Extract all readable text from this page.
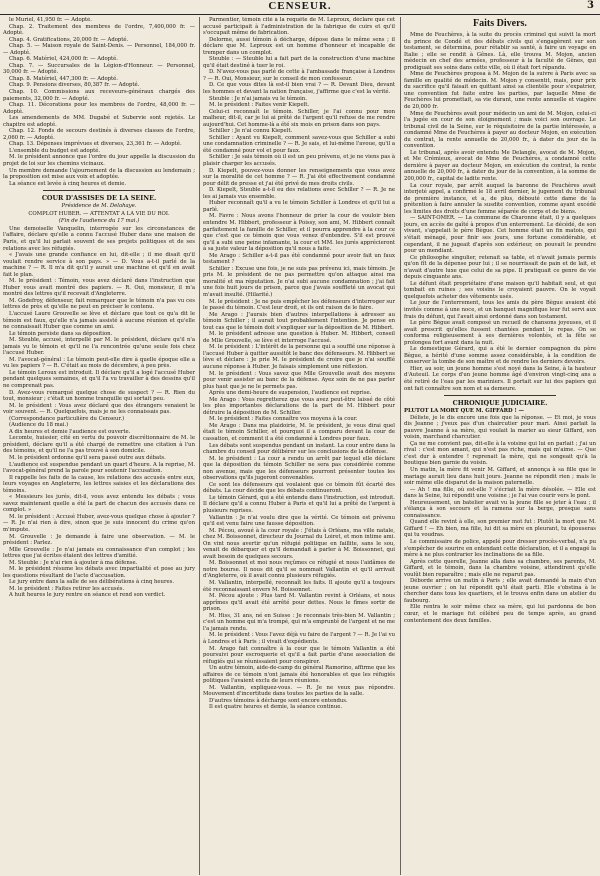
CENSEUR.	3

le Muriel, 41,950 fr. — Adopté.

Chap. 2. Traitement des membres de l'ordre, 7,400,000 fr. — Adopté.

Chap. 4. Gratifications, 20,000 fr. — Adopté.

Chap. 5. — Maison royale de Saint-Denis. — Personnel, 184,000 fr. — Adopté.

Chap. 6. Matériel, 424,000 fr. — Adopté.

Chap. 7. — Succursales de la Légion-d'Honneur. — Personnel, 30,000 fr. — Adopté.

Chap. 8. Matériel, 447,300 fr. — Adopté.

Chap. 9. Pensions diverses, 80,387 fr. — Adopté.

Chap. 10. Commissions aux receveurs-généraux chargés des paiements, 32,000 fr. — Adopté.

Chap. 11. Décorations pour les membres de l'ordre, 48,000 fr. — Adopté.

Les amendements de MM. Dugabé et Subervie sont rejetés. Le chapitre est adopté.

Chap. 12. Fonds de secours destinés à diverses classes de l'ordre, 2,060 fr. — Adopté.

Chap. 13. Dépenses imprévues et diverses, 23,361 fr. — Adopté.

L'ensemble du budget est adopté.

M. le président annonce que l'ordre du jour appelle la discussion du projet de loi sur les chemins vicinaux.

Un membre demande l'ajournement de la discussion au lendemain ; la proposition est mise aux voix et adoptée.

La séance est levée à cinq heures et demie.

COUR D'ASSISES DE LA SEINE.
Présidence de M. Delahaye.
COMPLOT HUBER. — ATTENTAT A LA VIE DU ROI.
(Fin de l'audience du 17 mai.)

Une demoiselle Vanquelin, interrogée sur les circonstances de l'affaire, déclare qu'elle a connu l'accusé Huber dans une maison de Paris, et qu'il lui parlait souvent de ses projets politiques et de ses relations avec les réfugiés.

« J'avais une grande confiance en lui, dit-elle ; il me disait qu'il voulait rendre service à son pays. » — D. Vous a-t-il parlé de la machine ? — R. Il m'a dit qu'il y aurait une machine et qu'il en avait fait le plan.

M. le président : Témoin, vous avez déclaré dans l'instruction que Huber vous avait montré des papiers. — R. Oui, monsieur, il m'a montré des lettres qu'il recevait d'Angleterre.

M. Godefroy, défenseur, fait remarquer que le témoin n'a pas vu ces lettres de près et qu'elle ne peut en préciser le contenu.

L'accusé Laure Grouvelle se lève et déclare que tout ce qu'a dit le témoin est faux, qu'elle n'a jamais assisté à aucune réunion et qu'elle ne connaissait Huber que comme un ami.

Le témoin persiste dans sa déposition.

M. Steuble, accusé, interpellé par M. le président, déclare qu'il n'a jamais vu le témoin et qu'il ne l'a rencontrée qu'une seule fois chez l'accusé Huber.

M. l'avocat-général : Le témoin peut-elle dire à quelle époque elle a vu les papiers ? — R. C'était au mois de décembre, à peu près.

Le témoin Leroux est introduit. Il déclare qu'il a logé l'accusé Huber pendant quelques semaines, et qu'il l'a vu travailler à des dessins qu'il ne comprenait pas.

D. Avez-vous remarqué quelque chose de suspect ? — R. Rien du tout, monsieur ; c'était un homme tranquille qui sortait peu.

M. le président : Vous avez déclaré que des étrangers venaient le voir souvent. — R. Quelquefois, mais je ne les connaissais pas.

(Correspondance particulière du Censeur.)

(Audience du 18 mai.)

A dix heures et demie l'audience est ouverte.

Lecomte, huissier, cité en vertu du pouvoir discrétionnaire de M. le président, déclare qu'il a été chargé de remettre une citation à l'un des témoins, et qu'il ne l'a pas trouvé à son domicile.

M. le président ordonne qu'il sera passé outre aux débats.

L'audience est suspendue pendant un quart d'heure. A la reprise, M. l'avocat-général prend la parole pour soutenir l'accusation.

Il rappelle les faits de la cause, les relations des accusés entre eux, leurs voyages en Angleterre, les lettres saisies et les déclarations des témoins.

« Messieurs les jurés, dit-il, vous avez entendu les débats ; vous savez maintenant quelle a été la part de chacun des accusés dans ce complot. »

M. le président : Accusé Huber, avez-vous quelque chose à ajouter ? — R. Je n'ai rien à dire, sinon que je suis innocent du crime qu'on m'impute.

M. Grouvelle : Je demande à faire une observation. — M. le président : Parlez.

Mlle Grouvelle : Je n'ai jamais eu connaissance d'un complot ; les lettres que j'ai écrites étaient des lettres d'amitié.

M. Steuble : Je n'ai rien à ajouter à ma défense.

M. le président résume les débats avec impartialité et pose au jury les questions résultant de l'acte d'accusation.

Le jury entre dans la salle de ses délibérations à cinq heures.

M. le président : Faites retirer les accusés.

A huit heures le jury rentre en séance et rend son verdict.

Parmentier, témoin cité à la requête de M. Leproux, déclare que cet accusé participait à l'administration de la fabrique de cuirs et qu'il s'occupait même de fabrication.

Delorme, aussi témoin à décharge, dépose dans le même sens ; il déclare que M. Leproux est un homme d'honneur et incapable de tremper dans un complot.

Steuble : — Steuble lui a fait part de la construction d'une machine qu'il était destiné à tuer le roi.

D. N'avez-vous pas parlé de cette à l'ambassade française à Londres ? — R. Oui, Monsieur, sur le conseil de mon confesseur.

D. Ce que vous dites là est-il bien vrai ? — R. Devant Dieu, devant les hommes et devant la nation française, j'affirme que c'est la vérité.

Steuble : Je n'ai jamais vu le témoin.

M. le président : Faites venir Kiepelt.

Celui-ci reconnaît le témoin. Schiller, je l'ai connu pour mon malheur, dit-il, car je lui ai prêté de l'argent qu'il refuse de me rendre aujourd'hui. Cet homme-là a été six mois en prison dans son pays.

Schiller : Je n'ai connu Kiepelt.

Schiller : Ayant vu Kiepelt, comment savez-vous que Schiller a subi une condamnation criminelle ? — R. Je sais, et lui-même l'avoue, qu'il a été condamné pour vol et pour faux.

Schiller : Je sais témoin où il est un peu prévenu, et je ne viens pas à plaisir charger les accusés.

D. Kiepelt, pouvez-vous donner les renseignements que vous avez sur la moralité de cet homme ? — R. J'ai été effectivement condamné pour délit de presse et j'ai été privé de mes droits civils.

D. Kiepelt, Steuble a-t-il eu des relations avec Schiller ? — R. Je ne les ai jamais vus ensemble.

Huber reconnaît qu'il a vu le témoin Schiller à Londres et qu'il lui a parlé.

M. Favre : Nous avons l'honneur de prier la cour de vouloir bien entendre M. Hibbert, professeur à Poissy, son ami, M. Hibbert connaît parfaitement la famille de Schiller, et il pourra apprendre à la cour ce que c'est que ce témoin que vous venez d'entendre. S'il est prouvé qu'il a subi une peine infamante, la cour et MM. les jurés apprécieront à sa juste valeur la déposition qu'il nous a faite.

Me Arago : Schiller a-t-il pas été condamné pour avoir fait un faux testament ?

Schiller : Excuse une fois, je ne suis pas prévenu ici, mais témoin. Je pris M. le président de ne pas permettre qu'on attaque ainsi ma moralité et ma réputation. Je n'ai subi aucune condamnation ; j'ai fait une fois huit jours de prison, parce que j'avais souffleté un avocat qui m'avait insulté. (Hilarité.)

M. le président : Je ne puis empêcher les défenseurs d'interroger sur le passé du témoin. C'est leur droit, et ils ont raison de le faire.

Me Arago : J'aurais bien d'autres interpellations à adresser au témoin Schiller ; il aurait tout probablement l'intention. Je pense en tout cas que le témoin doit s'expliquer sur la déposition de M. Hibbert.

M. le président adresse une question à Huber. M. Hibbert, conseil de Mlle Grouvelle, se lève et interroge l'accusé.

M. le président : L'intérêt de la personne qui a soufflé une réponse à l'accusé Huber à quitter aussitôt le banc des défenseurs. M. Hibbert se lève et déclare : Je prie M. le président de croire que je n'ai soufflé aucune réponse à Huber. Je faisais simplement une réflexion.

M. le président : Vous savez que Mlle Grouvelle avait des moyens pour venir assister au banc de la défense. Ayez soin de ne pas parler plus haut que je ne le permets pas.

Après une demi-heure de suspension, l'audience est reprise.

Me Arago : Vous regretterez que vous avez peut-être laissé de côté les plus importantes déclarations de la part de M. Hibbert pour détruire la déposition de M. Schiller.

M. le président : Faites connaître vos moyens à la cour.

Me Arago : Dans ma plaidoirie, M. le président, je vous dirai quel était le témoin Schiller, et pourquoi il a comparu devant la cour de cassation, et comment il a été condamné à Londres pour faux.

Les débats sont suspendus pendant un instant. La cour entre dans la chambre du conseil pour délibérer sur les conclusions de la défense.

M. le président : La cour a rendu un arrêt par lequel elle déclare que la déposition du témoin Schiller ne sera pas considérée comme non avenue, mais que les défenseurs pourront présenter toutes les observations qu'ils jugeront convenables.

Ce sont les défenseurs qui voulaient que ce témoin fût écarté des débats. La cour décide que les débats continueront.

Le témoin Gérard, qui a été entendu dans l'instruction, est introduit. Il déclare qu'il a connu Huber à Paris et qu'il lui a prêté de l'argent à plusieurs reprises.

Vallantin : Je n'ai voulu dire que la vérité. Ce témoin est prévenu qu'il est venu faire une fausse déposition.

M. Pécou, avoué à la cour royale : J'étais à Orléans, ma ville natale, chez M. Boissonnet, directeur du Journal du Loiret, et mon intime ami. On vint nous avertir qu'un réfugié politique en faillite, sans le sou, venait de débarquer et qu'il demandait à parler à M. Boissonnet, qui avait besoin de quelques secours.

M. Boissonnet et moi nous reçûmes ce réfugié et nous l'aidâmes de notre bourse. Il nous dit qu'il se nommait Vallantin et qu'il arrivait d'Angleterre, où il avait connu plusieurs réfugiés.

M. Vallantin, interpellé, reconnaît les faits. Il ajoute qu'il a toujours été reconnaissant envers M. Boissonnet.

M. Pécou ajoute : Plus tard M. Vallantin revint à Orléans, et nous apprîmes qu'il avait été arrêté pour dettes. Nous le fîmes sortir de prison.

M. Hiss, 31 ans, né en Suisse : Je reconnais très-bien M. Vallantin ; c'est un homme qui m'a trompé, qui m'a emprunté de l'argent et ne me l'a jamais rendu.

M. le président : Vous l'avez déjà vu faire de l'argent ? — R. Je l'ai vu à Londres et à Paris ; il vivait d'expédients.

M. Arago fait connaître à la cour que le témoin Vallantin a été poursuivi pour escroquerie et qu'il a fait partie d'une association de réfugiés qui se réunissaient pour conspirer.

Un autre témoin, aide-de-camp du général Ramorino, affirme que les affaires de ce témoin n'ont jamais été honorables et que les réfugiés politiques l'avaient exclu de leurs réunions.

M. Vallantin, expliquez-vous. — R. Je ne veux pas répondre. Mouvement d'incertitude dans toutes les parties de la salle.

D'autres témoins à décharge sont encore entendus.

Il est quatre heures et demie, la séance continue.

Faits Divers.

Mme de Feuchères, à la suite du procès criminel qui suivit la mort du prince de Condé et des débats civils qui s'engagèrent sur son testament, se détermina, pour rétablir sa santé, à faire un voyage en Italie ; elle se rendit à Gênes. Là, elle trouva M. Mojon, ancien médecin en chef des armées, professeur à la faculté de Gênes, qui prodiguait ses soins dans cette ville, où il était fort répandu.

Mme de Feuchères proposa à M. Mojon de la suivre à Paris avec sa famille en qualité de médecin. M. Mojon y consentit, mais, pour prix du sacrifice qu'il faisait en quittant ainsi sa clientèle pour s'expatrier, une convention fut faite entre les parties, par laquelle Mme de Feuchères lui promettait, sa vie durant, une rente annuelle et viagère de 20,000 fr.

Mme de Feuchères avait pour médecin un ami de M. Mojon, celui-ci l'a jugée en cour de son éloignement ; mais voici son ouvrage. Le tribunal civil de la Seine, sur le réquisitoire de la partie intéressée, a condamné Mme de Feuchères à payer au docteur Mojon, en exécution du contrat, la rente annuelle de 20,000 fr., à dater du jour de la convention.

Le tribunal, après avoir entendu Me Delangle, avocat de M. Mojon, et Me Crémieux, avocat de Mme de Feuchères, a condamné cette dernière à payer au docteur Mojon, en exécution du contrat, la rente annuelle de 20,000 fr., à dater du jour de la convention, à la somme de 200,000 fr., capital de ladite rente.

La cour royale, par arrêt auquel la baronne de Feuchères avait interjeté appel, a confirmé le 18 avril dernier, le jugement du tribunal de première instance, et a, de plus, débouté cette dame de la prétention à faire annuler la susdite convention, comme ayant excédé les limites des droits d'une femme séparée de corps et de biens.

— SAINT-OMER. — La commune de Charonne était, il y a quelques jours, en accès de gaîté à propos d'un enterrement. Le décédé, de son vivant, s'appelait le père Bègue. Cet homme était un fin matois, qui s'était ménagé, pour finir ses jours, une fortune considérable, et cependant, il ne jugeait d'après son extérieur, on pouvait le prendre pour un mendiant.

Ce philosophe singulier, retenait sa table, et n'avait jamais permis qu'on fît de la dépense pour lui ; il se nourrissait de pain et de lait, et n'avait d'autre luxe que celui de sa pipe. Il pratiquait ce genre de vie depuis cinquante ans.

Le défunt était propriétaire d'une maison qu'il habitait seul, et qui tombait en ruines ; ses voisins le croyaient pauvre. On le voyait quelquefois acheter des vêtements usés.

Le jour de l'enterrement, tous les amis du père Bègue avaient été invités comme à une noce, et un banquet magnifique leur fut servi aux frais du défunt, qui l'avait ainsi ordonné dans son testament.

Le père Bègue avait composé un recueil de chansons joyeuses, et il avait prescrit qu'elles fussent chantées pendant le repas. On se conforma religieusement à ses dernières volontés, et la fête se prolongea fort avant dans la nuit.

Le domestique Gérard, qui a été le dernier compagnon du père Bègue, a hérité d'une somme assez considérable, à la condition de conserver la tombe de son maître et de rendre les derniers devoirs.

Hier, au soir, un jeune homme s'est noyé dans la Seine, à la hauteur d'Auteuil. Le corps d'un jeune homme âgé d'environ vingt-cinq ans a été retiré de l'eau par les mariniers. Il portait sur lui des papiers qui ont fait connaître son nom et sa demeure.

CHRONIQUE JUDICIAIRE.

PLUTOT LA MORT QUE M. GIFFARD ! —

Déliste, je le dis encore une fois que la réponse. — Et moi, je vous dis Jeanne ; j'veux pas d'un chaircutier pour mari. Ainsi parlait la pauvre Jeanne à sa mère, qui voulait la marier au sieur Giffard, son voisin, marchand charcutier.

Ça ne me convient pas, dit-elle à la voisine qui lui en parlait ; j'ai un rival : c'est mon amant, qui n'est pas riche, mais qui m'aime. — Que c'est dur à entendre ! reprenait la mère, qui ne songeait qu'à la boutique bien garnie du voisin.

Un matin, la mère fit venir M. Giffard, et annonça à sa fille que le mariage aurait lieu dans huit jours. Jeanne ne répondit rien ; mais le soir même elle disparut de la maison paternelle.

— Ah ! ma fille, où est-elle ? s'écriait la mère désolée. — Elle est dans la Seine, lui répondit une voisine ; je l'ai vue courir vers le pont.

Heureusement, un batelier avait vu la jeune fille se jeter à l'eau ; il s'élança à son secours et la ramena sur la berge, presque sans connaissance.

Quand elle revint à elle, son premier mot fut : Plutôt la mort que M. Giffard ! — Eh bien, ma fille, lui dit sa mère en pleurant, tu épouseras qui tu voudras.

Le commissaire de police, appelé pour dresser procès-verbal, n'a pu s'empêcher de sourire en entendant cette déclaration, et il a engagé la mère à ne plus contrarier les inclinations de sa fille.

Après cette querelle, Jeanne alla dans sa chambre, ses parents, M. Giffard, et le témoin, dans la chambre voisine, attendirent qu'elle voulût bien reparaître ; mais elle ne reparut pas.

Déborde arrive un matin à Paris ; elle avait demandé la main d'un jeune ouvrier ; on lui répondit qu'il était parti. Elle s'obstina à le chercher dans tous les quartiers, et le trouva enfin dans un atelier du faubourg.

Elle rentra le soir même chez sa mère, qui lui pardonna de bon cœur, et le mariage fut célébré peu de temps après, au grand contentement des deux familles.
